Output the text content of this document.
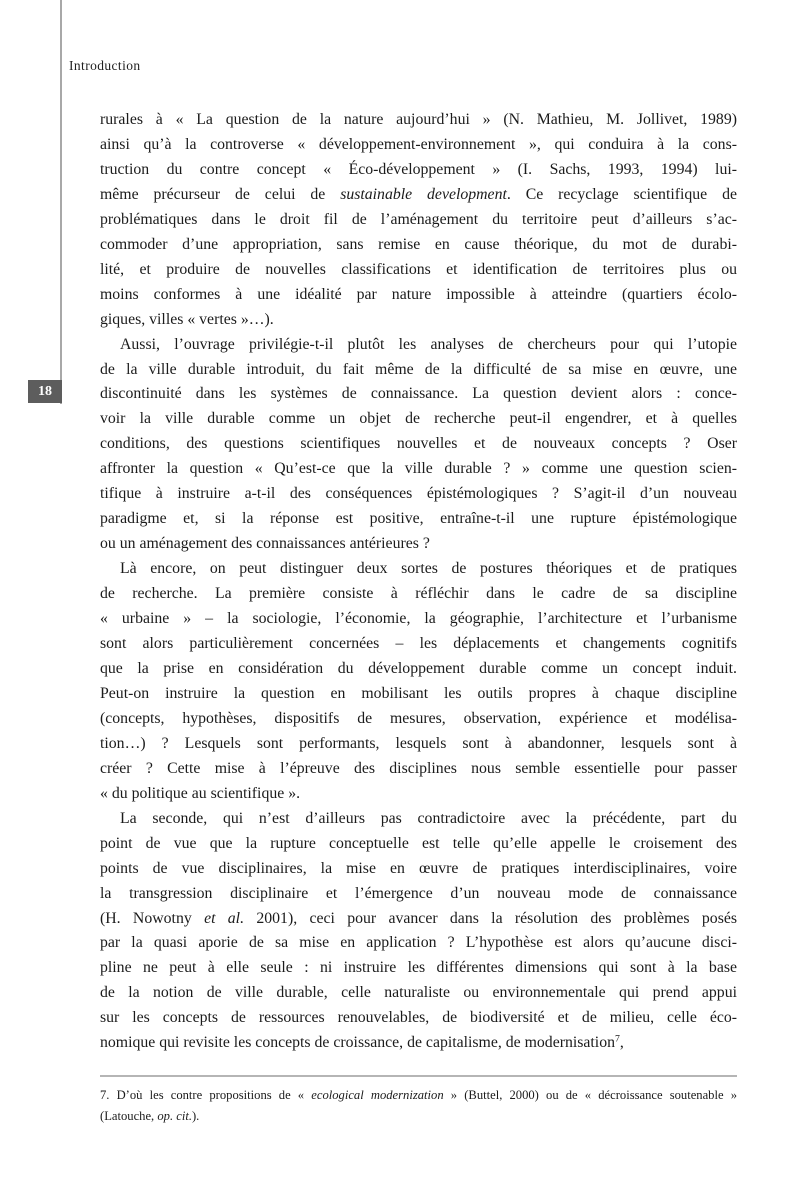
18
Introduction
rurales à « La question de la nature aujourd’hui » (N. Mathieu, M. Jollivet, 1989)
ainsi qu’à la controverse « développement-environnement », qui conduira à la cons-
truction du contre concept « Éco-développement » (I. Sachs, 1993, 1994) lui-
même précurseur de celui de sustainable development. Ce recyclage scientifique de
problématiques dans le droit fil de l’aménagement du territoire peut d’ailleurs s’ac-
commoder d’une appropriation, sans remise en cause théorique, du mot de durabi-
lité, et produire de nouvelles classifications et identification de territoires plus ou
moins conformes à une idéalité par nature impossible à atteindre (quartiers écolo-
giques, villes « vertes »…).
Aussi, l’ouvrage privilégie-t-il plutôt les analyses de chercheurs pour qui l’utopie
de la ville durable introduit, du fait même de la difficulté de sa mise en œuvre, une
discontinuité dans les systèmes de connaissance. La question devient alors : conce-
voir la ville durable comme un objet de recherche peut-il engendrer, et à quelles
conditions, des questions scientifiques nouvelles et de nouveaux concepts ? Oser
affronter la question « Qu’est-ce que la ville durable ? » comme une question scien-
tifique à instruire a-t-il des conséquences épistémologiques ? S’agit-il d’un nouveau
paradigme et, si la réponse est positive, entraîne-t-il une rupture épistémologique
ou un aménagement des connaissances antérieures ?
Là encore, on peut distinguer deux sortes de postures théoriques et de pratiques
de recherche. La première consiste à réfléchir dans le cadre de sa discipline
« urbaine » – la sociologie, l’économie, la géographie, l’architecture et l’urbanisme
sont alors particulièrement concernées – les déplacements et changements cognitifs
que la prise en considération du développement durable comme un concept induit.
Peut-on instruire la question en mobilisant les outils propres à chaque discipline
(concepts, hypothèses, dispositifs de mesures, observation, expérience et modélisa-
tion…) ? Lesquels sont performants, lesquels sont à abandonner, lesquels sont à
créer ? Cette mise à l’épreuve des disciplines nous semble essentielle pour passer
« du politique au scientifique ».
La seconde, qui n’est d’ailleurs pas contradictoire avec la précédente, part du
point de vue que la rupture conceptuelle est telle qu’elle appelle le croisement des
points de vue disciplinaires, la mise en œuvre de pratiques interdisciplinaires, voire
la transgression disciplinaire et l’émergence d’un nouveau mode de connaissance
(H. Nowotny et al. 2001), ceci pour avancer dans la résolution des problèmes posés
par la quasi aporie de sa mise en application ? L’hypothèse est alors qu’aucune disci-
pline ne peut à elle seule : ni instruire les différentes dimensions qui sont à la base
de la notion de ville durable, celle naturaliste ou environnementale qui prend appui
sur les concepts de ressources renouvelables, de biodiversité et de milieu, celle éco-
nomique qui revisite les concepts de croissance, de capitalisme, de modernisation$^7$,
7. D’où les contre propositions de « ecological modernization » (Buttel, 2000) ou de « décroissance soutenable »
(Latouche, op. cit.).
